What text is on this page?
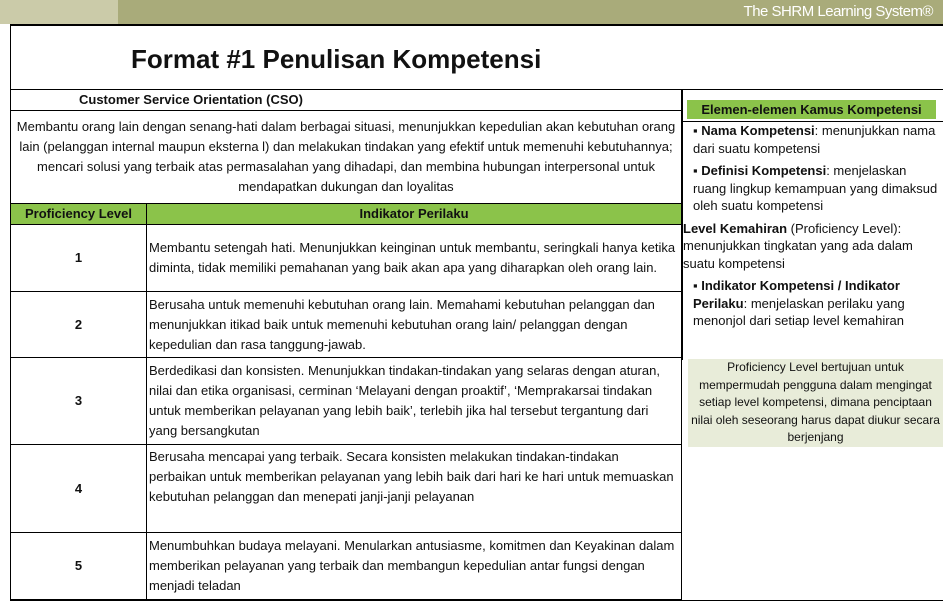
The SHRM Learning System®
Format #1 Penulisan Kompetensi
Customer Service Orientation (CSO)	
Membantu orang lain dengan senang-hati dalam berbagai situasi, menunjukkan kepedulian akan kebutuhan orang lain (pelanggan internal maupun eksterna l) dan melakukan tindakan yang efektif untuk memenuhi kebutuhannya; mencari solusi yang terbaik atas permasalahan yang dihadapi, dan membina hubungan interpersonal untuk mendapatkan dukungan dan loyalitas	
Proficiency Level	Indikator Perilaku
1	Membantu setengah hati. Menunjukkan keinginan untuk membantu, seringkali hanya ketika diminta, tidak memiliki pemahanan yang baik akan apa yang diharapkan oleh orang lain.
2	Berusaha untuk memenuhi kebutuhan orang lain. Memahami kebutuhan pelanggan dan menunjukkan itikad baik untuk memenuhi kebutuhan orang lain/ pelanggan dengan kepedulian dan rasa tanggung-jawab.
3	Berdedikasi dan konsisten. Menunjukkan tindakan-tindakan yang selaras dengan aturan, nilai dan etika organisasi, cerminan ‘Melayani dengan proaktif’, ‘Memprakarsai tindakan untuk memberikan pelayanan yang lebih baik’, terlebih jika hal tersebut tergantung dari yang bersangkutan
4	Berusaha mencapai yang terbaik. Secara konsisten melakukan tindakan-tindakan perbaikan untuk memberikan pelayanan yang lebih baik dari hari ke hari untuk memuaskan kebutuhan pelanggan dan menepati janji-janji pelayanan
5	Menumbuhkan budaya melayani. Menularkan antusiasme, komitmen dan Keyakinan dalam memberikan pelayanan yang terbaik dan membangun kepedulian antar fungsi dengan menjadi teladan
Elemen-elemen Kamus Kompetensi
▪ Nama Kompetensi: menunjukkan nama dari suatu kompetensi
▪ Definisi Kompetensi: menjelaskan ruang lingkup kemampuan yang dimaksud oleh suatu kompetensi
Level Kemahiran (Proficiency Level): menunjukkan tingkatan yang ada dalam suatu kompetensi
▪ Indikator Kompetensi / Indikator Perilaku: menjelaskan perilaku yang menonjol dari setiap level kemahiran
Proficiency Level bertujuan untuk mempermudah pengguna dalam mengingat setiap level kompetensi, dimana penciptaan nilai oleh seseorang harus dapat diukur secara berjenjang
